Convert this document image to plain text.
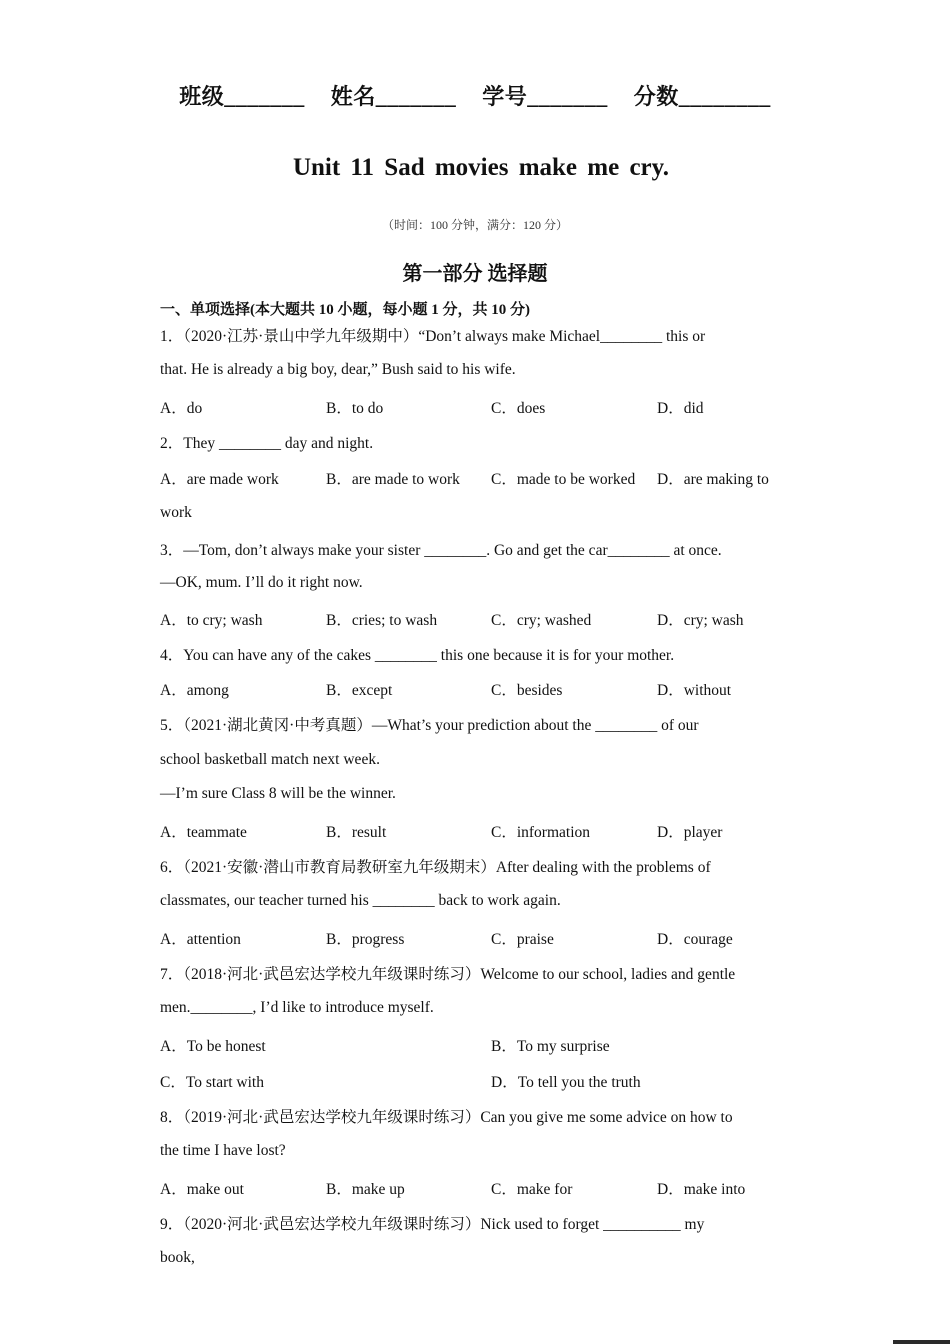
班级_______ 姓名_______ 学号_______ 分数________
Unit 11 Sad movies make me cry.
（时间：100 分钟，满分：120 分）
第一部分 选择题
一、单项选择(本大题共 10 小题，每小题 1 分，共 10 分)
1．（2020·江苏·景山中学九年级期中）“Don’t always make Michael________ this or
that. He is already a big boy, dear,” Bush said to his wife.
A．do	B．to do	C．does	D．did
2．They ________ day and night.
A．are made work	B．are made to work C．made to be worked D．are making to
work
3．—Tom, don’t always make your sister ________. Go and get the car________ at once.
—OK, mum. I’ll do it right now.
A．to cry; wash	B．cries; to wash	C．cry; washed	D．cry; wash
4．You can have any of the cakes ________ this one because it is for your mother.
A．among	B．except	C．besides	D．without
5．（2021·湖北黄冈·中考真题）—What’s your prediction about the ________ of our
school basketball match next week.
—I’m sure Class 8 will be the winner.
A．teammate	B．result	C．information	D．player
6．（2021·安徽·潜山市教育局教研室九年级期末）After dealing with the problems of
classmates, our teacher turned his ________ back to work again.
A．attention	B．progress	C．praise	D．courage
7．（2018·河北·武邑宏达学校九年级课时练习）Welcome to our school, ladies and gentle
men.________, I’d like to introduce myself.
A．To be honest	B．To my surprise
C．To start with	D．To tell you the truth
8．（2019·河北·武邑宏达学校九年级课时练习）Can you give me some advice on how to
the time I have lost?
A．make out	B．make up	C．make for	D．make into
9．（2020·河北·武邑宏达学校九年级课时练习）Nick used to forget __________ my
book,
